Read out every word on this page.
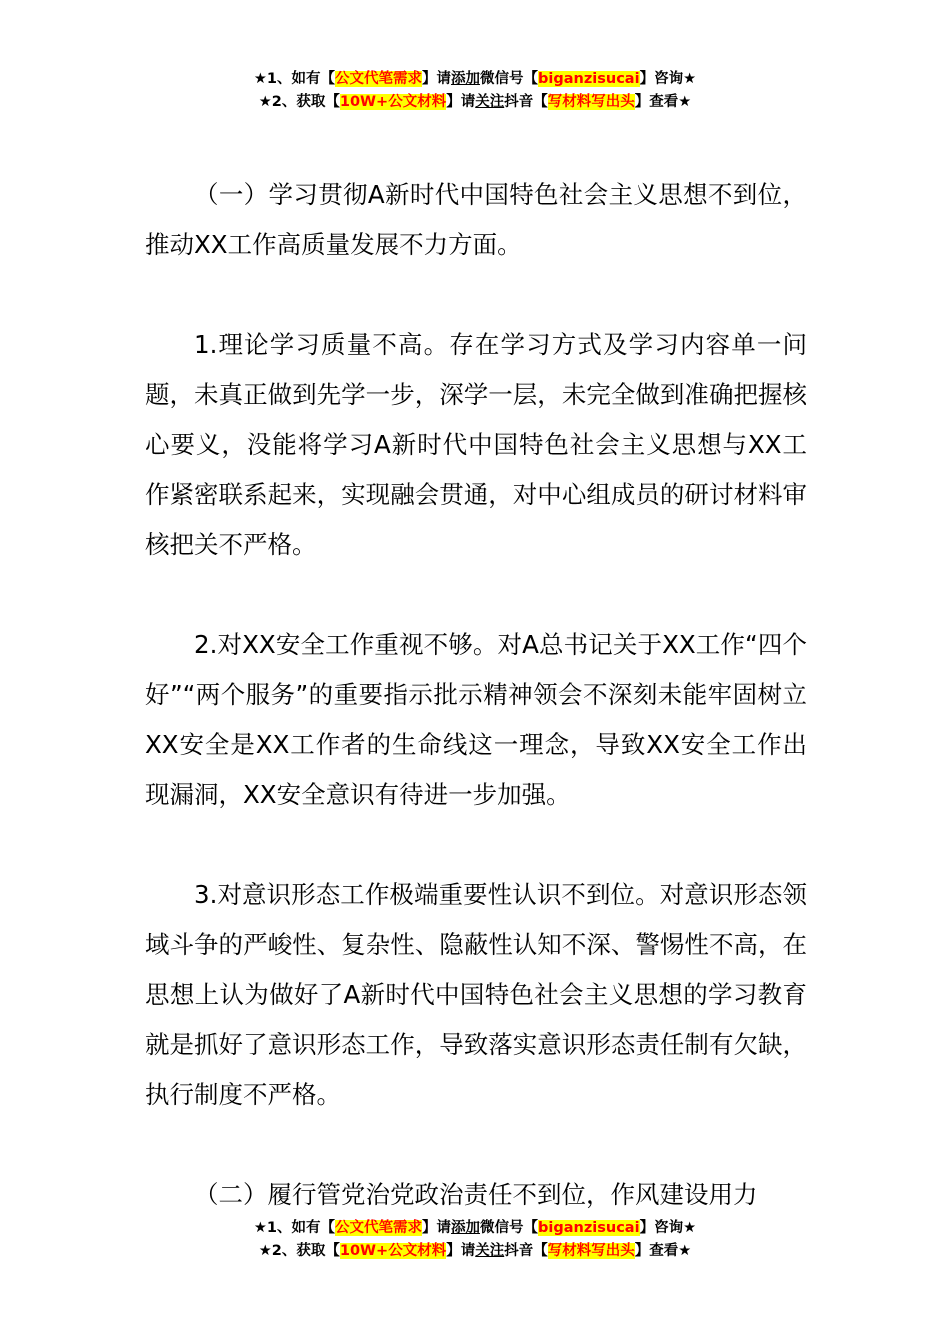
★1、如有【公文代笔需求】请添加微信号【biganzisucai】咨询★
★2、获取【10W+公文材料】请关注抖音【写材料写出头】查看★

（一）学习贯彻A新时代中国特色社会主义思想不到位，推动XX工作高质量发展不力方面。

1.理论学习质量不高。存在学习方式及学习内容单一问题，未真正做到先学一步，深学一层，未完全做到准确把握核心要义，没能将学习A新时代中国特色社会主义思想与XX工作紧密联系起来，实现融会贯通，对中心组成员的研讨材料审核把关不严格。

2.对XX安全工作重视不够。对A总书记关于XX工作“四个好”“两个服务”的重要指示批示精神领会不深刻未能牢固树立XX安全是XX工作者的生命线这一理念，导致XX安全工作出现漏洞，XX安全意识有待进一步加强。

3.对意识形态工作极端重要性认识不到位。对意识形态领域斗争的严峻性、复杂性、隐蔽性认知不深、警惕性不高，在思想上认为做好了A新时代中国特色社会主义思想的学习教育就是抓好了意识形态工作，导致落实意识形态责任制有欠缺，执行制度不严格。

（二）履行管党治党政治责任不到位，作风建设用力

★1、如有【公文代笔需求】请添加微信号【biganzisucai】咨询★
★2、获取【10W+公文材料】请关注抖音【写材料写出头】查看★
